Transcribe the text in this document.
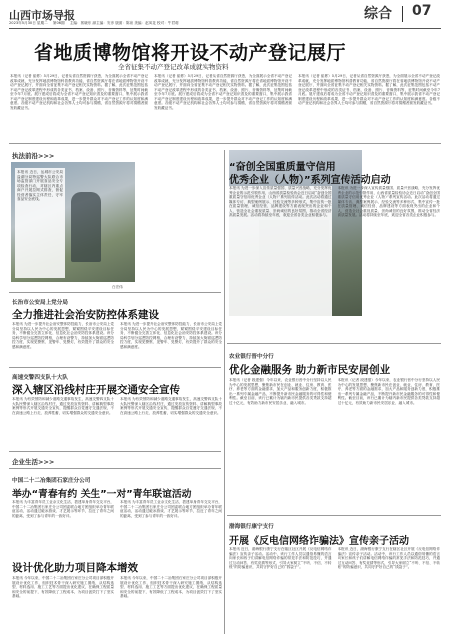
山西市场导报
2023年5月30日 星期二 第06期 主编：郭晓东 副主编：安彦 版面：陈泉 美编：赵凤花 校对：牛君莉
综合 07
省地质博物馆将开设不动产登记展厅
全省征集不动产登记改革成就实物资料
本报讯（记者 崔彬）5月29日，记者从省自然资源厅获悉，为全面展示全省不动产登记改革成就，充分发挥地质博物馆科普教育功能，省自然资源厅将在省地质博物馆开设不动产登记展厅，并面向全省征集不动产登记相关实物资料。据了解，此次征集范围包括不动产登记改革进程中形成的各类证书、档案、设备、照片、音像资料等，征集时间截至今年7月底。展厅建成后将成为全省不动产登记知识普及的重要窗口，集中展示我省不动产登记制度建设历程和改革成果，进一步提升群众对不动产登记工作的认知度和满意度。各级不动产登记机构和社会各界人士均可参与捐赠，省自然资源厅将对捐赠者颁发收藏证书。
本报讯（记者 崔彬）5月29日，记者从省自然资源厅获悉，为全面展示全省不动产登记改革成就，充分发挥地质博物馆科普教育功能，省自然资源厅将在省地质博物馆开设不动产登记展厅，并面向全省征集不动产登记相关实物资料。据了解，此次征集范围包括不动产登记改革进程中形成的各类证书、档案、设备、照片、音像资料等，征集时间截至今年7月底。展厅建成后将成为全省不动产登记知识普及的重要窗口，集中展示我省不动产登记制度建设历程和改革成果，进一步提升群众对不动产登记工作的认知度和满意度。各级不动产登记机构和社会各界人士均可参与捐赠，省自然资源厅将对捐赠者颁发收藏证书。
本报讯（记者 崔彬）5月29日，记者从省自然资源厅获悉，为全面展示全省不动产登记改革成就，充分发挥地质博物馆科普教育功能，省自然资源厅将在省地质博物馆开设不动产登记展厅，并面向全省征集不动产登记相关实物资料。据了解，此次征集范围包括不动产登记改革进程中形成的各类证书、档案、设备、照片、音像资料等，征集时间截至今年7月底。展厅建成后将成为全省不动产登记知识普及的重要窗口，集中展示我省不动产登记制度建设历程和改革成果，进一步提升群众对不动产登记工作的认知度和满意度。各级不动产登记机构和社会各界人士均可参与捐赠，省自然资源厅将对捐赠者颁发收藏证书。
执法前沿>>>
本报讯 近日，运城市公安局盐湖分局特巡警大队联合市场监管部门开展食品安全专项检查行动，对辖区内重点商户开展拉网式排查，督促经营者落实主体责任，守牢食品安全底线。
白宏伟
长治市公安局上党分局
全力推进社会治安防控体系建设
本报讯 为进一步提升社会治安整体防控能力，长治市公安局上党分局坚持以人民为中心的发展思想，紧紧围绕平安建设目标任务，不断健全完善立体化、信息化社会治安防控体系建设。该分局科学划分巡逻防控网格，合理布设警力，持续加大街面巡逻防控力度，实现见警察、见警车、见警灯，有效提升了群众的安全感和满意度。
本报讯 为进一步提升社会治安整体防控能力，长治市公安局上党分局坚持以人民为中心的发展思想，紧紧围绕平安建设目标任务，不断健全完善立体化、信息化社会治安防控体系建设。该分局科学划分巡逻防控网格，合理布设警力，持续加大街面巡逻防控力度，实现见警察、见警车、见警灯，有效提升了群众的安全感和满意度。
高速交警四支队十大队
深入辖区沿线村庄开展交通安全宣传
本报讯 为有效预防和减少道路交通事故发生，高速交警四支队十大队民警深入辖区沿线村庄，通过发放宣传资料、讲解典型事故案例等形式开展交通安全宣传，提醒群众自觉遵守交通法规，不在高速公路上行走、放养牲畜，切实增强群众的交通安全意识。
本报讯 为有效预防和减少道路交通事故发生，高速交警四支队十大队民警深入辖区沿线村庄，通过发放宣传资料、讲解典型事故案例等形式开展交通安全宣传，提醒群众自觉遵守交通法规，不在高速公路上行走、放养牲畜，切实增强群众的交通安全意识。
企业生活>>>
中国二十二冶集团石家庄分公司
举办“青春有约 关生”一对”青年联谊活动
本报讯 为丰富青年员工业余文化生活，搭建单身青年交友平台，中国二十二冶集团石家庄分公司团委联合地方团组织举办青年联谊活动，活动通过破冰游戏、才艺展示等环节，拉近了青年之间的距离，受到了参与青年的一致好评。
本报讯 为丰富青年员工业余文化生活，搭建单身青年交友平台，中国二十二冶集团石家庄分公司团委联合地方团组织举办青年联谊活动，活动通过破冰游戏、才艺展示等环节，拉近了青年之间的距离，受到了参与青年的一致好评。
设计优化助力项目降本增效
本报讯 今年以来，中国二十二冶集团石家庄分公司项目部积极开展设计优化工作，组织技术骨干深入研究施工图纸，从结构选型、材料选用、施工工艺等方面提出优化建议，在确保工程质量和安全的前提下，有效降低了工程成本，为项目创效打下了坚实基础。
本报讯 今年以来，中国二十二冶集团石家庄分公司项目部积极开展设计优化工作，组织技术骨干深入研究施工图纸，从结构选型、材料选用、施工工艺等方面提出优化建议，在确保工程质量和安全的前提下，有效降低了工程成本，为项目创效打下了坚实基础。
“奋创全国重质量守信用
优秀企业（人物）”系列宣传活动启动
本报讯 为进一步深入宣传质量强国、质量兴晋战略，充分发挥优秀企业的示范引领作用，山西省质量检验协会近日启动“奋创全国重质量守信用优秀企业（人物）”系列宣传活动。此次活动将通过媒体专访、典型案例展示、经验交流等多种形式，集中宣传一批在质量管理、诚信经营、品牌建设等方面表现突出的企业和个人，营造全社会重视质量、崇尚诚信的良好氛围，推动全省经济高质量发展。活动将持续至年底，欢迎全省各类企业积极参与。
本报讯 为进一步深入宣传质量强国、质量兴晋战略，充分发挥优秀企业的示范引领作用，山西省质量检验协会近日启动“奋创全国重质量守信用优秀企业（人物）”系列宣传活动。此次活动将通过媒体专访、典型案例展示、经验交流等多种形式，集中宣传一批在质量管理、诚信经营、品牌建设等方面表现突出的企业和个人，营造全社会重视质量、崇尚诚信的良好氛围，推动全省经济高质量发展。活动将持续至年底，欢迎全省各类企业积极参与。
农业银行晋中分行
优化金融服务 助力新市民安居创业
本报讯（记者 段建强）今年以来，农业银行晋中分行坚持以人民为中心的发展思想，聚焦新市民在创业、就业、住房、教育、医疗、养老等方面的金融需求，加大产品和服务创新力度，积极推出一系列专属金融产品，不断提升新市民金融服务的可得性和便利性。截至目前，该行已累计为辖内新市民提供各类贷款支持超过十亿元，有效助力新市民安居乐业、融入城市。
本报讯（记者 段建强）今年以来，农业银行晋中分行坚持以人民为中心的发展思想，聚焦新市民在创业、就业、住房、教育、医疗、养老等方面的金融需求，加大产品和服务创新力度，积极推出一系列专属金融产品，不断提升新市民金融服务的可得性和便利性。截至目前，该行已累计为辖内新市民提供各类贷款支持超过十亿元，有效助力新市民安居乐业、融入城市。
渤海银行康宁支行
开展《反电信网络诈骗法》宣传亲子活动
本报讯 近日，渤海银行康宁支行在辖区社区开展《反电信网络诈骗法》宣传亲子活动。活动中，该行工作人员以通俗易懂的语言向家长和孩子们讲解电信网络诈骗的常见手法和防范技巧，并通过互动问答、有奖竞猜等形式，引导大家树立“不听、不信、不转账”的防骗意识，共同守护好自己的“钱袋子”。
本报讯 近日，渤海银行康宁支行在辖区社区开展《反电信网络诈骗法》宣传亲子活动。活动中，该行工作人员以通俗易懂的语言向家长和孩子们讲解电信网络诈骗的常见手法和防范技巧，并通过互动问答、有奖竞猜等形式，引导大家树立“不听、不信、不转账”的防骗意识，共同守护好自己的“钱袋子”。
